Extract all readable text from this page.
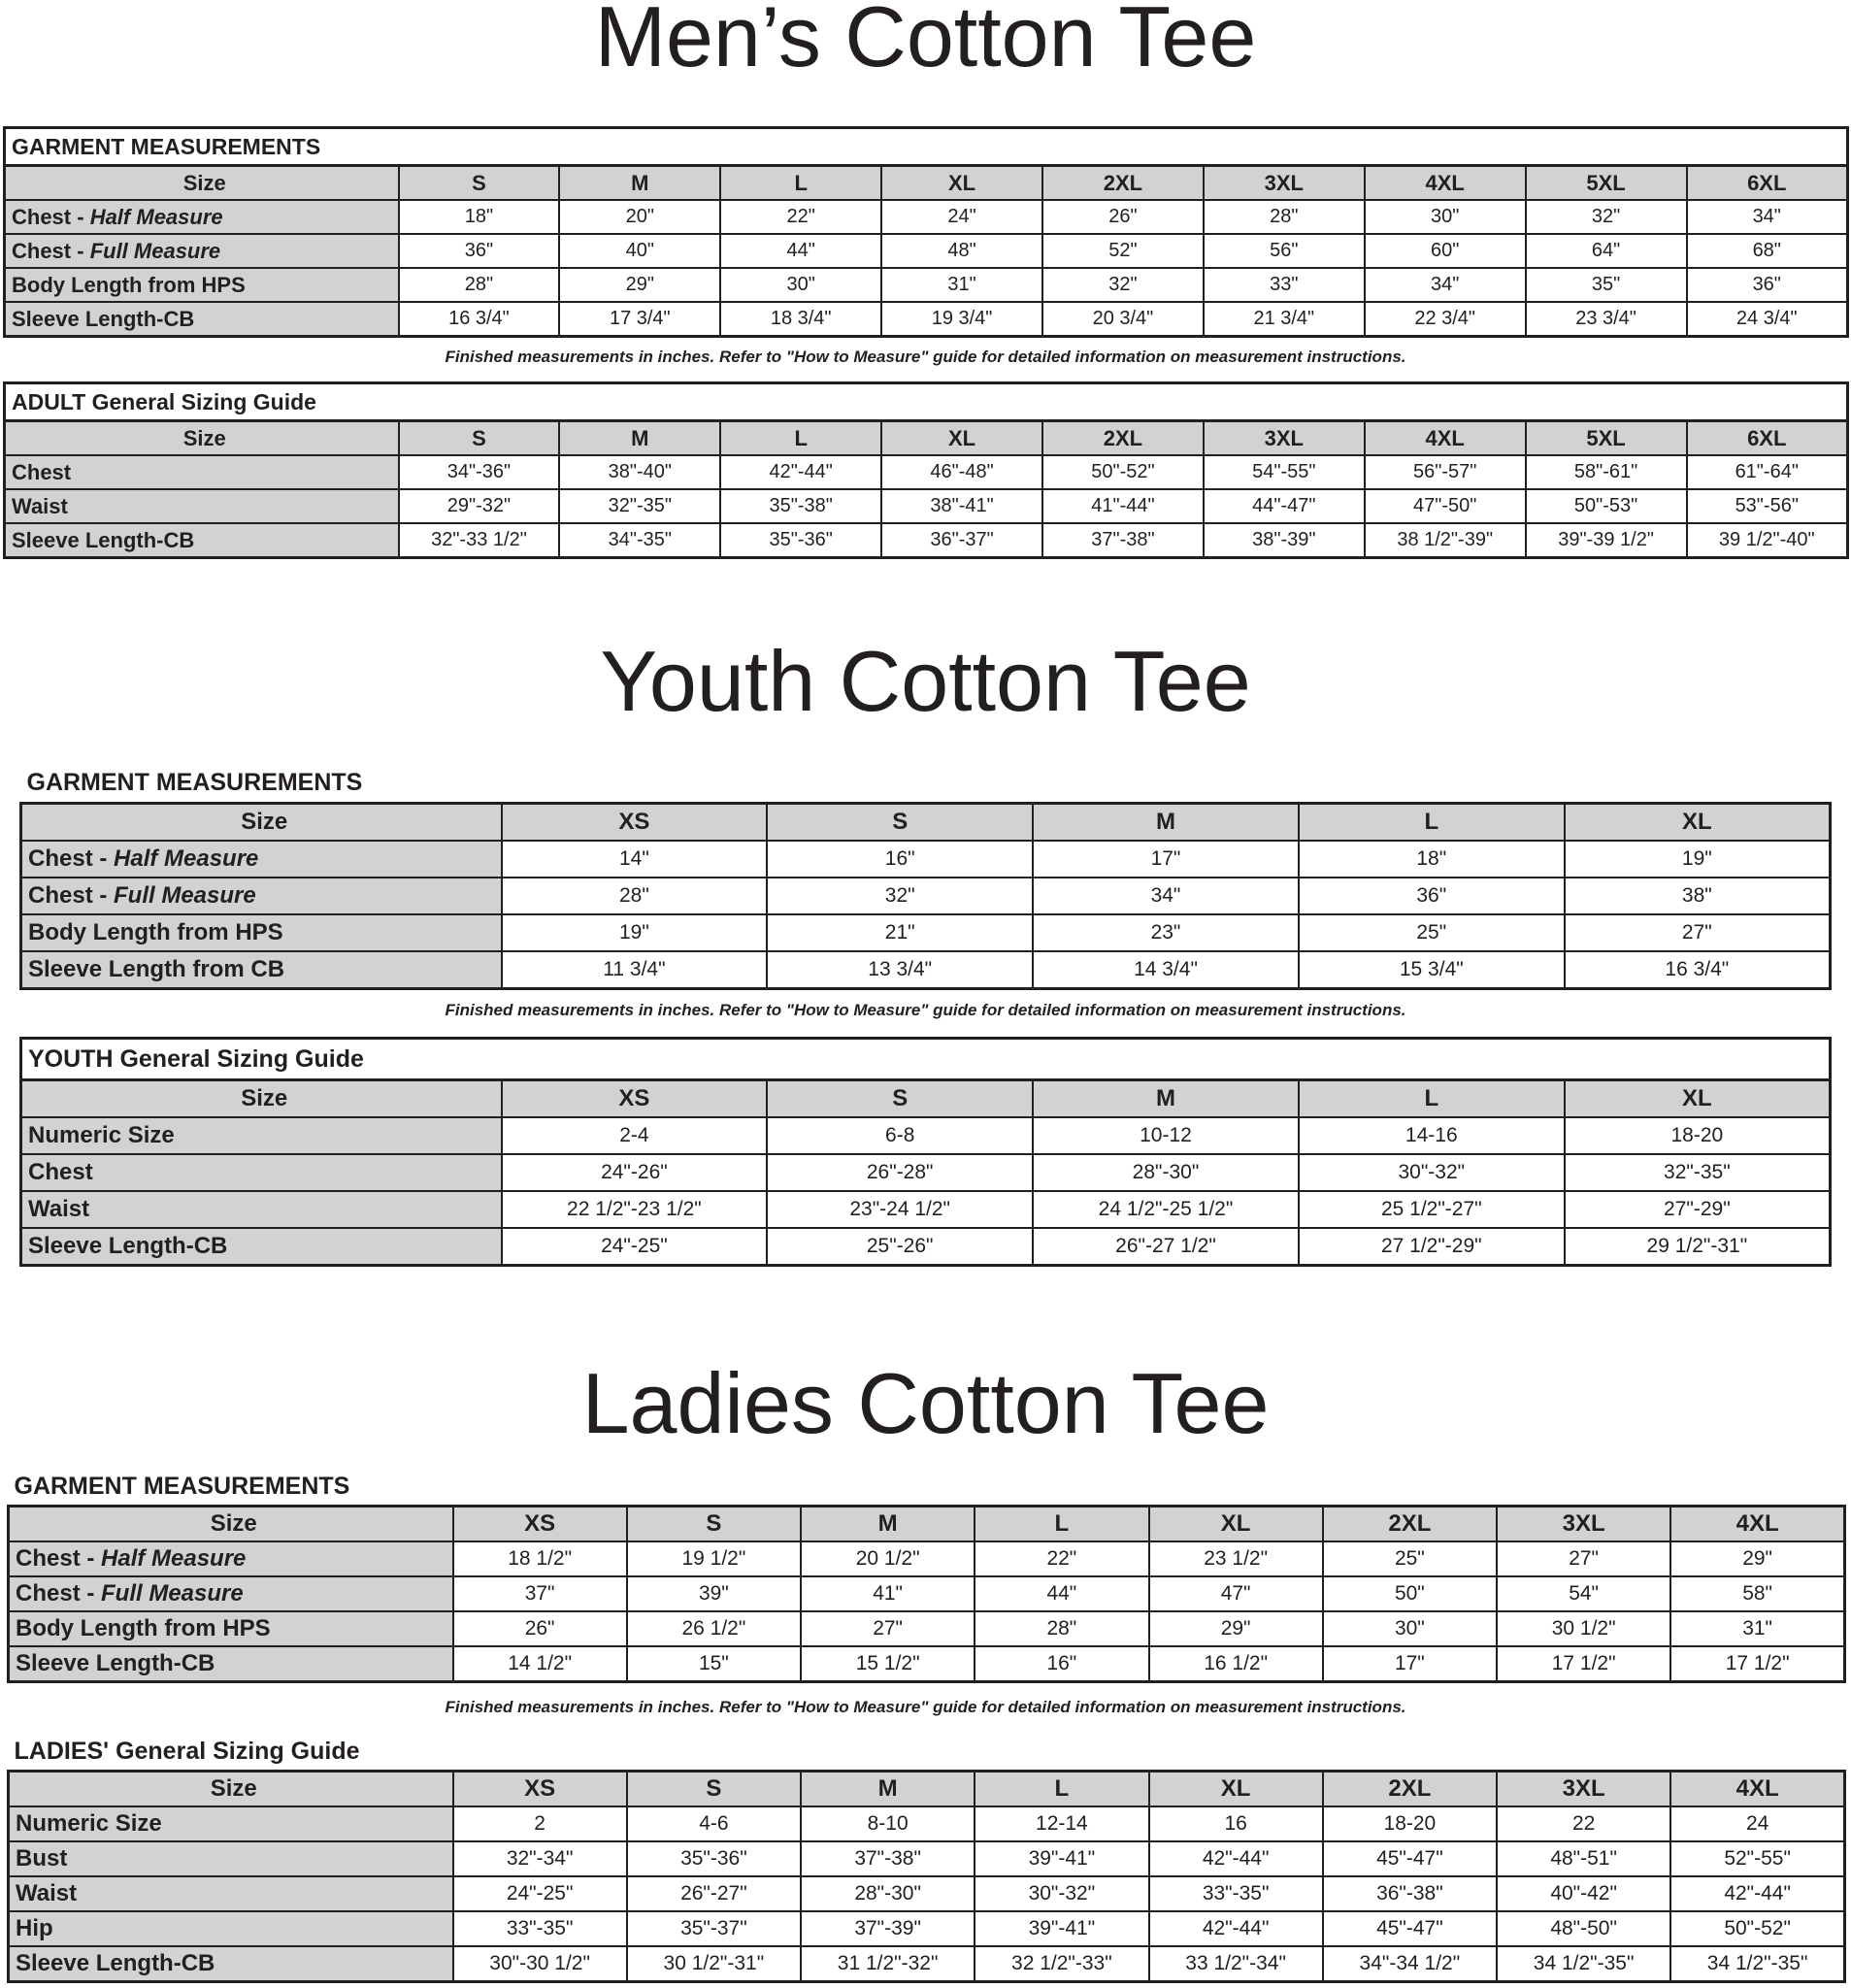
Men’s Cotton Tee
GARMENT MEASUREMENTS									
Size	S	M	L	XL	2XL	3XL	4XL	5XL	6XL
Chest - Half Measure	18"	20"	22"	24"	26"	28"	30"	32"	34"
Chest - Full Measure	36"	40"	44"	48"	52"	56"	60"	64"	68"
Body Length from HPS	28"	29"	30"	31"	32"	33"	34"	35"	36"
Sleeve Length-CB	16 3/4"	17 3/4"	18 3/4"	19 3/4"	20 3/4"	21 3/4"	22 3/4"	23 3/4"	24 3/4"
Finished measurements in inches. Refer to "How to Measure" guide for detailed information on measurement instructions.
ADULT General Sizing Guide									
Size	S	M	L	XL	2XL	3XL	4XL	5XL	6XL
Chest	34"-36"	38"-40"	42"-44"	46"-48"	50"-52"	54"-55"	56"-57"	58"-61"	61"-64"
Waist	29"-32"	32"-35"	35"-38"	38"-41"	41"-44"	44"-47"	47"-50"	50"-53"	53"-56"
Sleeve Length-CB	32"-33 1/2"	34"-35"	35"-36"	36"-37"	37"-38"	38"-39"	38 1/2"-39"	39"-39 1/2"	39 1/2"-40"
Youth Cotton Tee
GARMENT MEASUREMENTS					
Size	XS	S	M	L	XL
Chest - Half Measure	14"	16"	17"	18"	19"
Chest - Full Measure	28"	32"	34"	36"	38"
Body Length from HPS	19"	21"	23"	25"	27"
Sleeve Length from CB	11 3/4"	13 3/4"	14 3/4"	15 3/4"	16 3/4"
Finished measurements in inches. Refer to "How to Measure" guide for detailed information on measurement instructions.
YOUTH General Sizing Guide					
Size	XS	S	M	L	XL
Numeric Size	2-4	6-8	10-12	14-16	18-20
Chest	24"-26"	26"-28"	28"-30"	30"-32"	32"-35"
Waist	22 1/2"-23 1/2"	23"-24 1/2"	24 1/2"-25 1/2"	25 1/2"-27"	27"-29"
Sleeve Length-CB	24"-25"	25"-26"	26"-27 1/2"	27 1/2"-29"	29 1/2"-31"
Ladies Cotton Tee
GARMENT MEASUREMENTS								
Size	XS	S	M	L	XL	2XL	3XL	4XL
Chest - Half Measure	18 1/2"	19 1/2"	20 1/2"	22"	23 1/2"	25"	27"	29"
Chest - Full Measure	37"	39"	41"	44"	47"	50"	54"	58"
Body Length from HPS	26"	26 1/2"	27"	28"	29"	30"	30 1/2"	31"
Sleeve Length-CB	14 1/2"	15"	15 1/2"	16"	16 1/2"	17"	17 1/2"	17 1/2"
Finished measurements in inches. Refer to "How to Measure" guide for detailed information on measurement instructions.
LADIES' General Sizing Guide								
Size	XS	S	M	L	XL	2XL	3XL	4XL
Numeric Size	2	4-6	8-10	12-14	16	18-20	22	24
Bust	32"-34"	35"-36"	37"-38"	39"-41"	42"-44"	45"-47"	48"-51"	52"-55"
Waist	24"-25"	26"-27"	28"-30"	30"-32"	33"-35"	36"-38"	40"-42"	42"-44"
Hip	33"-35"	35"-37"	37"-39"	39"-41"	42"-44"	45"-47"	48"-50"	50"-52"
Sleeve Length-CB	30"-30 1/2"	30 1/2"-31"	31 1/2"-32"	32 1/2"-33"	33 1/2"-34"	34"-34 1/2"	34 1/2"-35"	34 1/2"-35"
